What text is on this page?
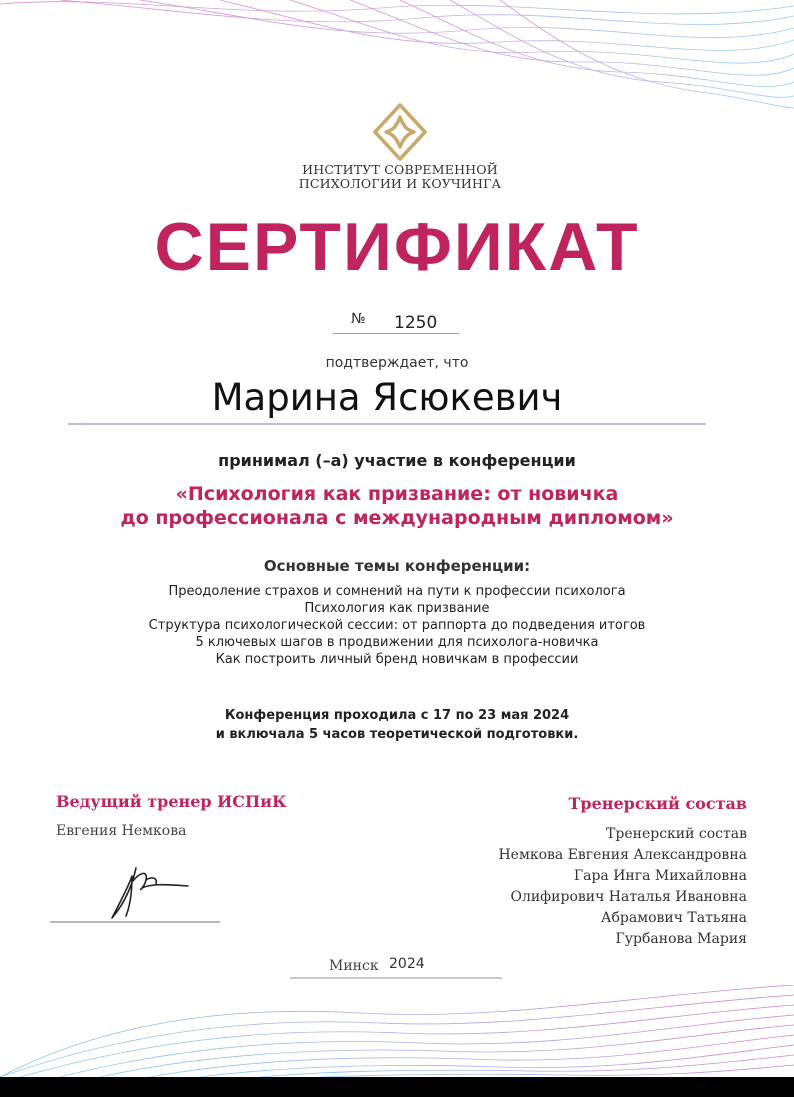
ИНСТИТУТ СОВРЕМЕННОЙ
ПСИХОЛОГИИ И КОУЧИНГА
СЕРТИФИКАТ
№ 1250
подтверждает, что
Марина Ясюкевич
принимал (–а) участие в конференции
«Психология как призвание: от новичка
до профессионала с международным дипломом»
Основные темы конференции:
Преодоление страхов и сомнений на пути к профессии психолога
Психология как призвание
Структура психологической сессии: от раппорта до подведения итогов
5 ключевых шагов в продвижении для психолога-новичка
Как построить личный бренд новичкам в профессии
Конференция проходила с 17 по 23 мая 2024
и включала 5 часов теоретической подготовки.
Ведущий тренер ИСПиК
Евгения Немкова
Тренерский состав
Тренерский состав
Немкова Евгения Александровна
Гара Инга Михайловна
Олифирович Наталья Ивановна
Абрамович Татьяна
Гурбанова Мария
Минск 2024
